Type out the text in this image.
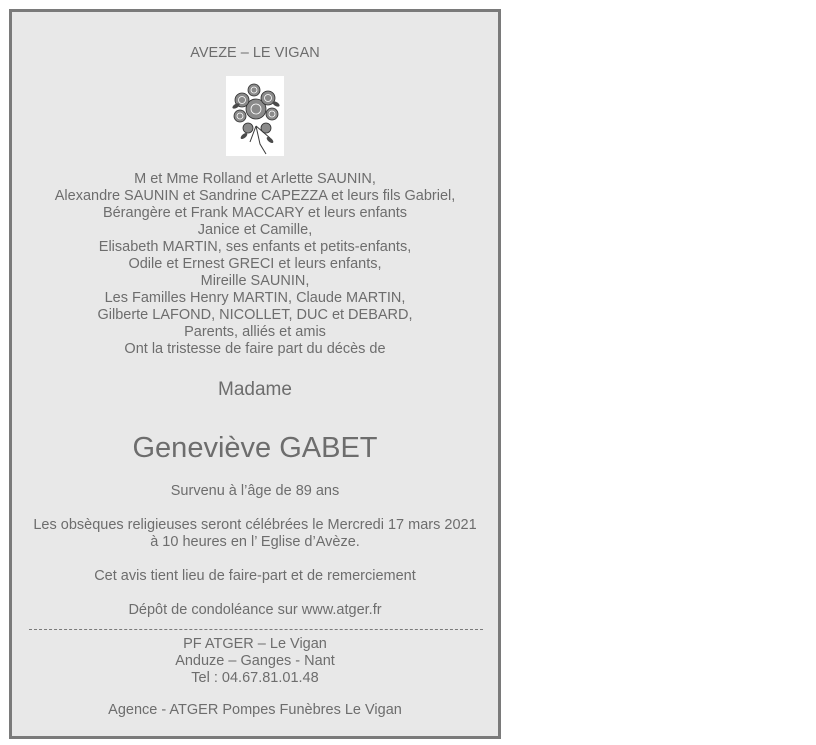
AVEZE – LE VIGAN
M et Mme Rolland et Arlette SAUNIN,
Alexandre SAUNIN et Sandrine CAPEZZA et leurs fils Gabriel,
Bérangère et Frank MACCARY et leurs enfants
Janice et Camille,
Elisabeth MARTIN, ses enfants et petits-enfants,
Odile et Ernest GRECI et leurs enfants,
Mireille SAUNIN,
Les Familles Henry MARTIN, Claude MARTIN,
Gilberte LAFOND, NICOLLET, DUC et DEBARD,
Parents, alliés et amis
Ont la tristesse de faire part du décès de
Madame
Geneviève GABET
Survenu à l’âge de 89 ans
Les obsèques religieuses seront célébrées le Mercredi 17 mars 2021
à 10 heures en l’ Eglise d’Avèze.
Cet avis tient lieu de faire-part et de remerciement
Dépôt de condoléance sur www.atger.fr
PF ATGER – Le Vigan
Anduze – Ganges - Nant
Tel : 04.67.81.01.48
Agence - ATGER Pompes Funèbres Le Vigan
